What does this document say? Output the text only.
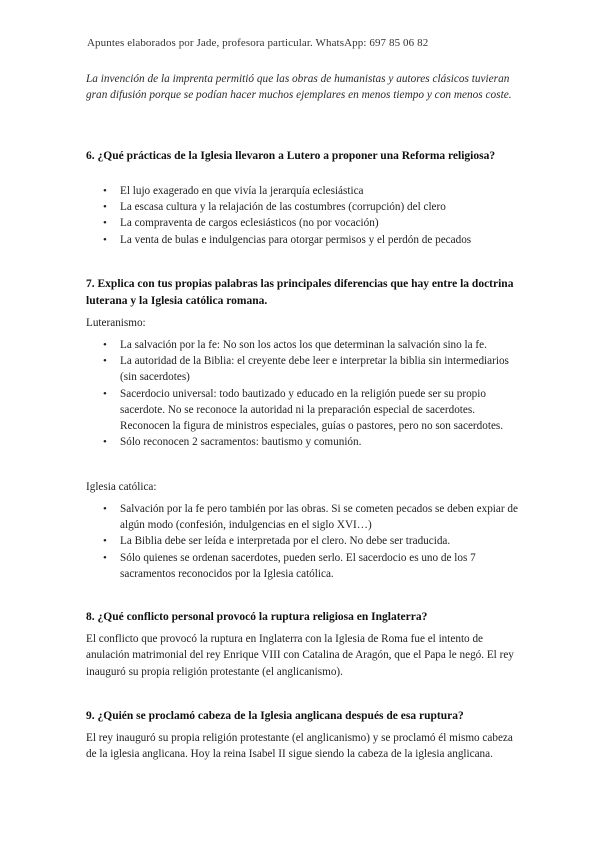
Apuntes elaborados por Jade, profesora particular. WhatsApp: 697 85 06 82
La invención de la imprenta permitió que las obras de humanistas y autores clásicos tuvieran gran difusión porque se podían hacer muchos ejemplares en menos tiempo y con menos coste.
6. ¿Qué prácticas de la Iglesia llevaron a Lutero a proponer una Reforma religiosa?
• El lujo exagerado en que vivía la jerarquía eclesiástica
• La escasa cultura y la relajación de las costumbres (corrupción) del clero
• La compraventa de cargos eclesiásticos (no por vocación)
• La venta de bulas e indulgencias para otorgar permisos y el perdón de pecados
7. Explica con tus propias palabras las principales diferencias que hay entre la doctrina luterana y la Iglesia católica romana.
Luteranismo:
• La salvación por la fe: No son los actos los que determinan la salvación sino la fe.
• La autoridad de la Biblia: el creyente debe leer e interpretar la biblia sin intermediarios (sin sacerdotes)
• Sacerdocio universal: todo bautizado y educado en la religión puede ser su propio sacerdote. No se reconoce la autoridad ni la preparación especial de sacerdotes. Reconocen la figura de ministros especiales, guías o pastores, pero no son sacerdotes.
• Sólo reconocen 2 sacramentos: bautismo y comunión.
Iglesia católica:
• Salvación por la fe pero también por las obras. Si se cometen pecados se deben expiar de algún modo (confesión, indulgencias en el siglo XVI…)
• La Biblia debe ser leída e interpretada por el clero. No debe ser traducida.
• Sólo quienes se ordenan sacerdotes, pueden serlo. El sacerdocio es uno de los 7 sacramentos reconocidos por la Iglesia católica.
8. ¿Qué conflicto personal provocó la ruptura religiosa en Inglaterra?
El conflicto que provocó la ruptura en Inglaterra con la Iglesia de Roma fue el intento de anulación matrimonial del rey Enrique VIII con Catalina de Aragón, que el Papa le negó. El rey inauguró su propia religión protestante (el anglicanismo).
9. ¿Quién se proclamó cabeza de la Iglesia anglicana después de esa ruptura?
El rey inauguró su propia religión protestante (el anglicanismo) y se proclamó él mismo cabeza de la iglesia anglicana. Hoy la reina Isabel II sigue siendo la cabeza de la iglesia anglicana.
